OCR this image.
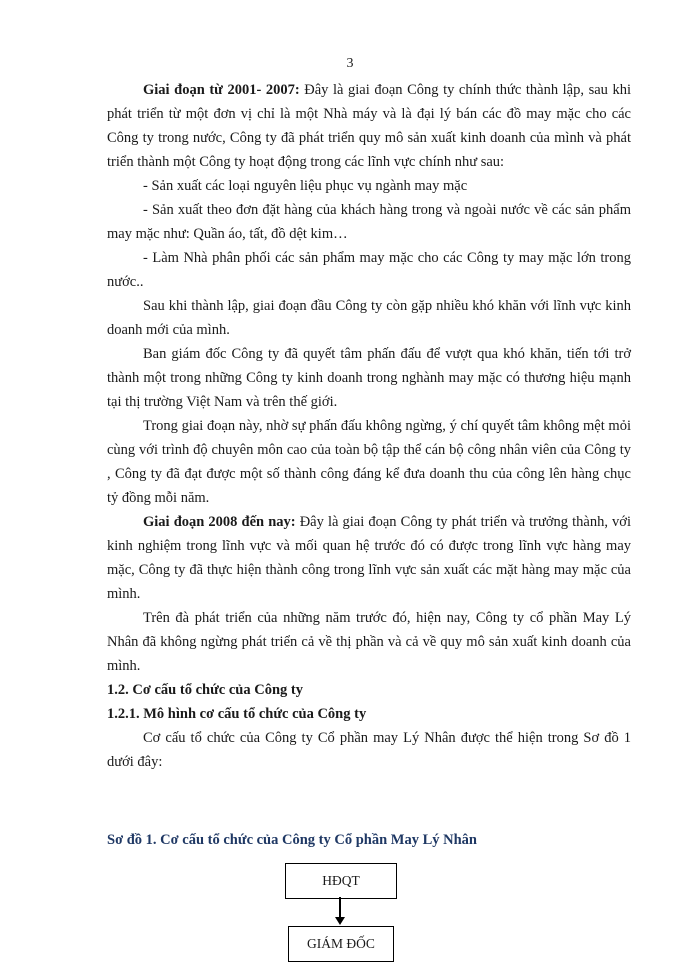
3

Giai đoạn từ 2001- 2007: Đây là giai đoạn Công ty chính thức thành lập, sau khi phát triển từ một đơn vị chỉ là một Nhà máy và là đại lý bán các đồ may mặc cho các Công ty trong nước, Công ty đã phát triển quy mô sản xuất kinh doanh của mình và phát triển thành một Công ty hoạt động trong các lĩnh vực chính như sau:

- Sản xuất các loại nguyên liệu phục vụ ngành may mặc

- Sản xuất theo đơn đặt hàng của khách hàng trong và ngoài nước về các sản phẩm may mặc như: Quần áo, tất, đồ dệt kim…

- Làm Nhà phân phối các sản phẩm may mặc cho các Công ty may mặc lớn trong nước..

Sau khi thành lập, giai đoạn đầu Công ty còn gặp nhiều khó khăn với lĩnh vực kinh doanh mới của mình.

Ban giám đốc Công ty đã quyết tâm phấn đấu để vượt qua khó khăn, tiến tới trở thành một trong những Công ty kinh doanh trong nghành may mặc có thương hiệu mạnh tại thị trường Việt Nam và trên thế giới.

Trong giai đoạn này, nhờ sự phấn đấu không ngừng, ý chí quyết tâm không mệt mỏi cùng với trình độ chuyên môn cao của toàn bộ tập thể cán bộ công nhân viên của Công ty , Công ty đã đạt được một số thành công đáng kể đưa doanh thu của công lên hàng chục tỷ đồng mỗi năm.

Giai đoạn 2008 đến nay: Đây là giai đoạn Công ty phát triển và trưởng thành, với kinh nghiệm trong lĩnh vực và mối quan hệ trước đó có được trong lĩnh vực hàng may mặc, Công ty đã thực hiện thành công trong lĩnh vực sản xuất các mặt hàng may mặc của mình.

Trên đà phát triển của những năm trước đó, hiện nay, Công ty cổ phần May Lý Nhân đã không ngừng phát triển cả về thị phần và cả về quy mô sản xuất kinh doanh của mình.

1.2. Cơ cấu tổ chức của Công ty

1.2.1. Mô hình cơ cấu tổ chức của Công ty

Cơ cấu tổ chức của Công ty Cổ phần may Lý Nhân được thể hiện trong Sơ đồ 1 dưới đây:

Sơ đồ 1. Cơ cấu tổ chức của Công ty Cổ phần May Lý Nhân
HĐQT
GIÁM ĐỐC
